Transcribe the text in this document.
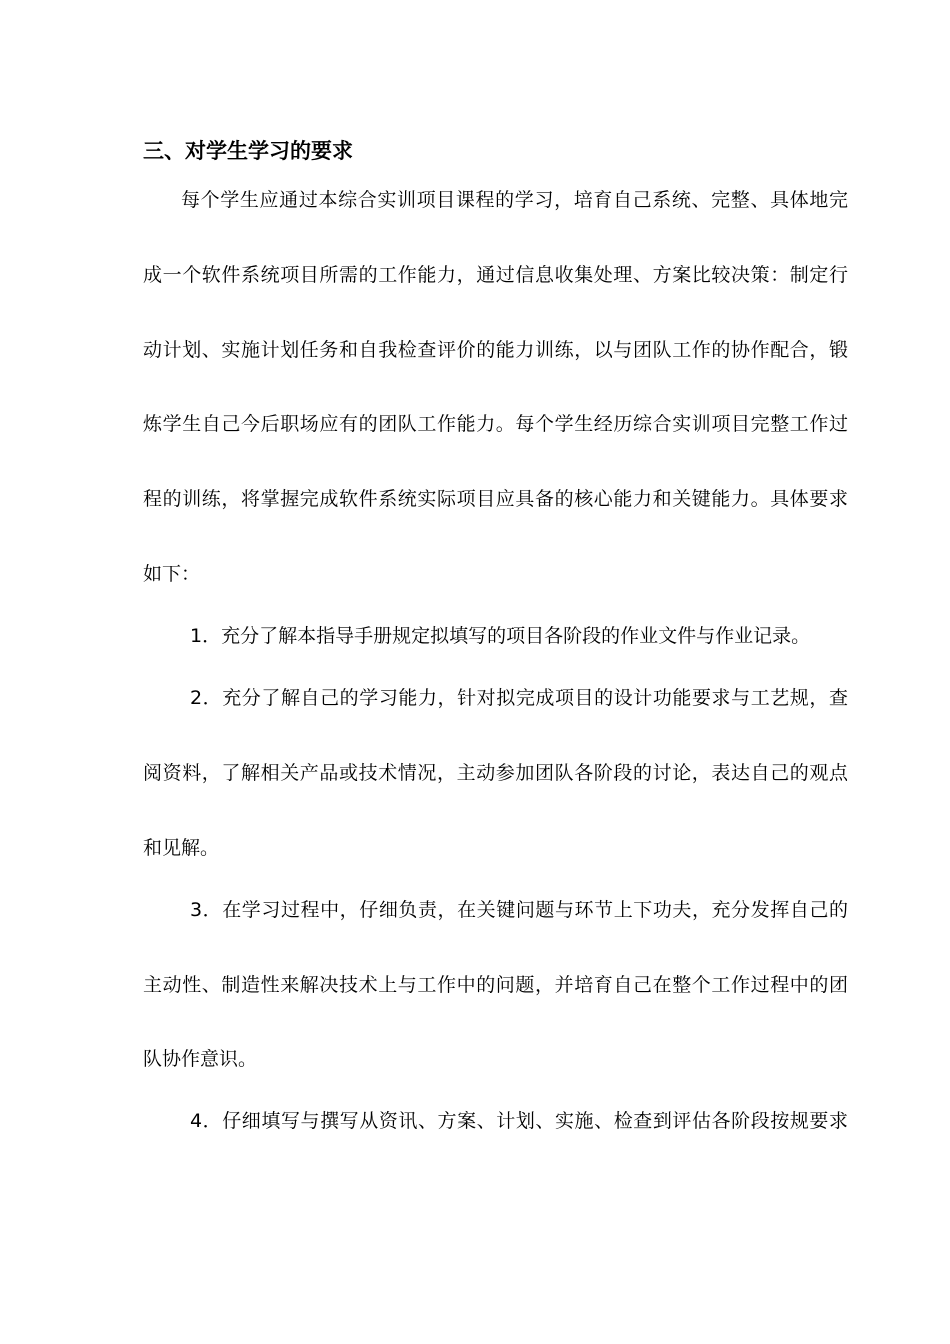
三、对学生学习的要求
每个学生应通过本综合实训项目课程的学习，培育自己系统、完整、具体地完
成一个软件系统项目所需的工作能力，通过信息收集处理、方案比较决策：制定行
动计划、实施计划任务和自我检查评价的能力训练，以与团队工作的协作配合，锻
炼学生自己今后职场应有的团队工作能力。每个学生经历综合实训项目完整工作过
程的训练，将掌握完成软件系统实际项目应具备的核心能力和关键能力。具体要求
如下：
1．充分了解本指导手册规定拟填写的项目各阶段的作业文件与作业记录。
2．充分了解自己的学习能力，针对拟完成项目的设计功能要求与工艺规，查
阅资料，了解相关产品或技术情况，主动参加团队各阶段的讨论，表达自己的观点
和见解。
3．在学习过程中，仔细负责，在关键问题与环节上下功夫，充分发挥自己的
主动性、制造性来解决技术上与工作中的问题，并培育自己在整个工作过程中的团
队协作意识。
4．仔细填写与撰写从资讯、方案、计划、实施、检查到评估各阶段按规要求
